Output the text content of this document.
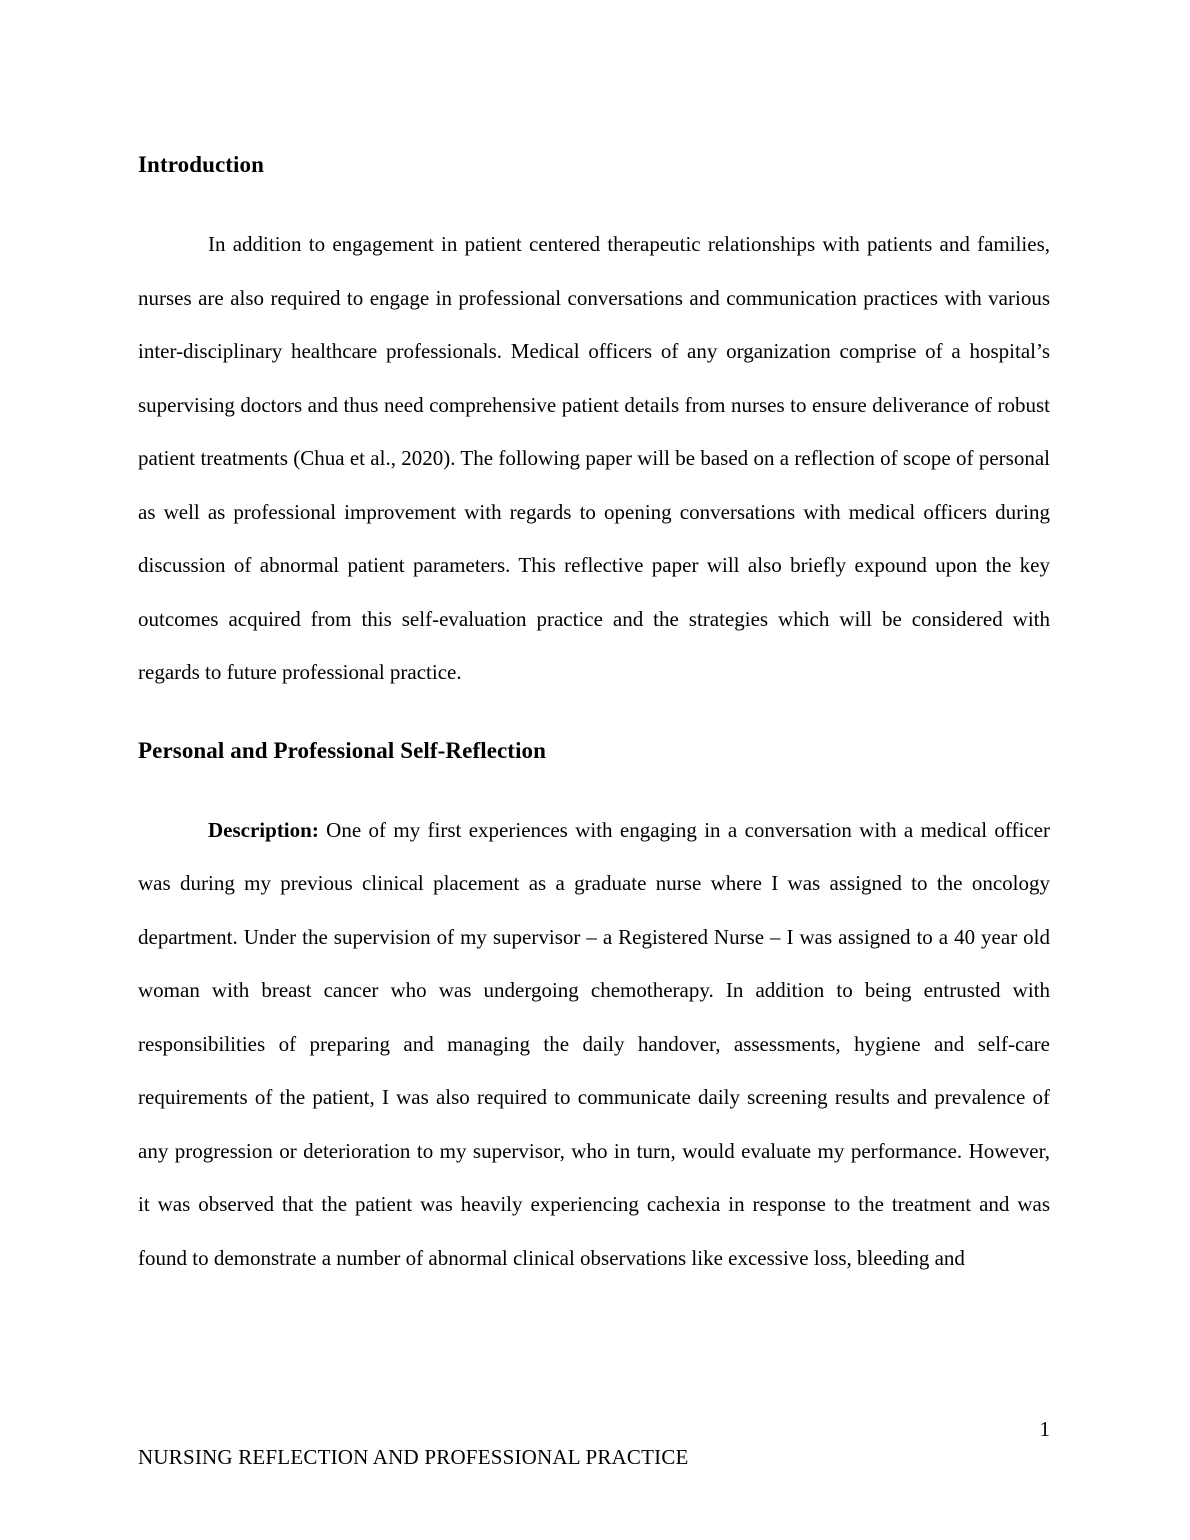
Introduction

In addition to engagement in patient centered therapeutic relationships with patients and families, nurses are also required to engage in professional conversations and communication practices with various inter-disciplinary healthcare professionals. Medical officers of any organization comprise of a hospital’s supervising doctors and thus need comprehensive patient details from nurses to ensure deliverance of robust patient treatments (Chua et al., 2020). The following paper will be based on a reflection of scope of personal as well as professional improvement with regards to opening conversations with medical officers during discussion of abnormal patient parameters. This reflective paper will also briefly expound upon the key outcomes acquired from this self-evaluation practice and the strategies which will be considered with regards to future professional practice.

Personal and Professional Self-Reflection

Description: One of my first experiences with engaging in a conversation with a medical officer was during my previous clinical placement as a graduate nurse where I was assigned to the oncology department. Under the supervision of my supervisor – a Registered Nurse – I was assigned to a 40 year old woman with breast cancer who was undergoing chemotherapy. In addition to being entrusted with responsibilities of preparing and managing the daily handover, assessments, hygiene and self-care requirements of the patient, I was also required to communicate daily screening results and prevalence of any progression or deterioration to my supervisor, who in turn, would evaluate my performance. However, it was observed that the patient was heavily experiencing cachexia in response to the treatment and was found to demonstrate a number of abnormal clinical observations like excessive loss, bleeding and

1
NURSING REFLECTION AND PROFESSIONAL PRACTICE
